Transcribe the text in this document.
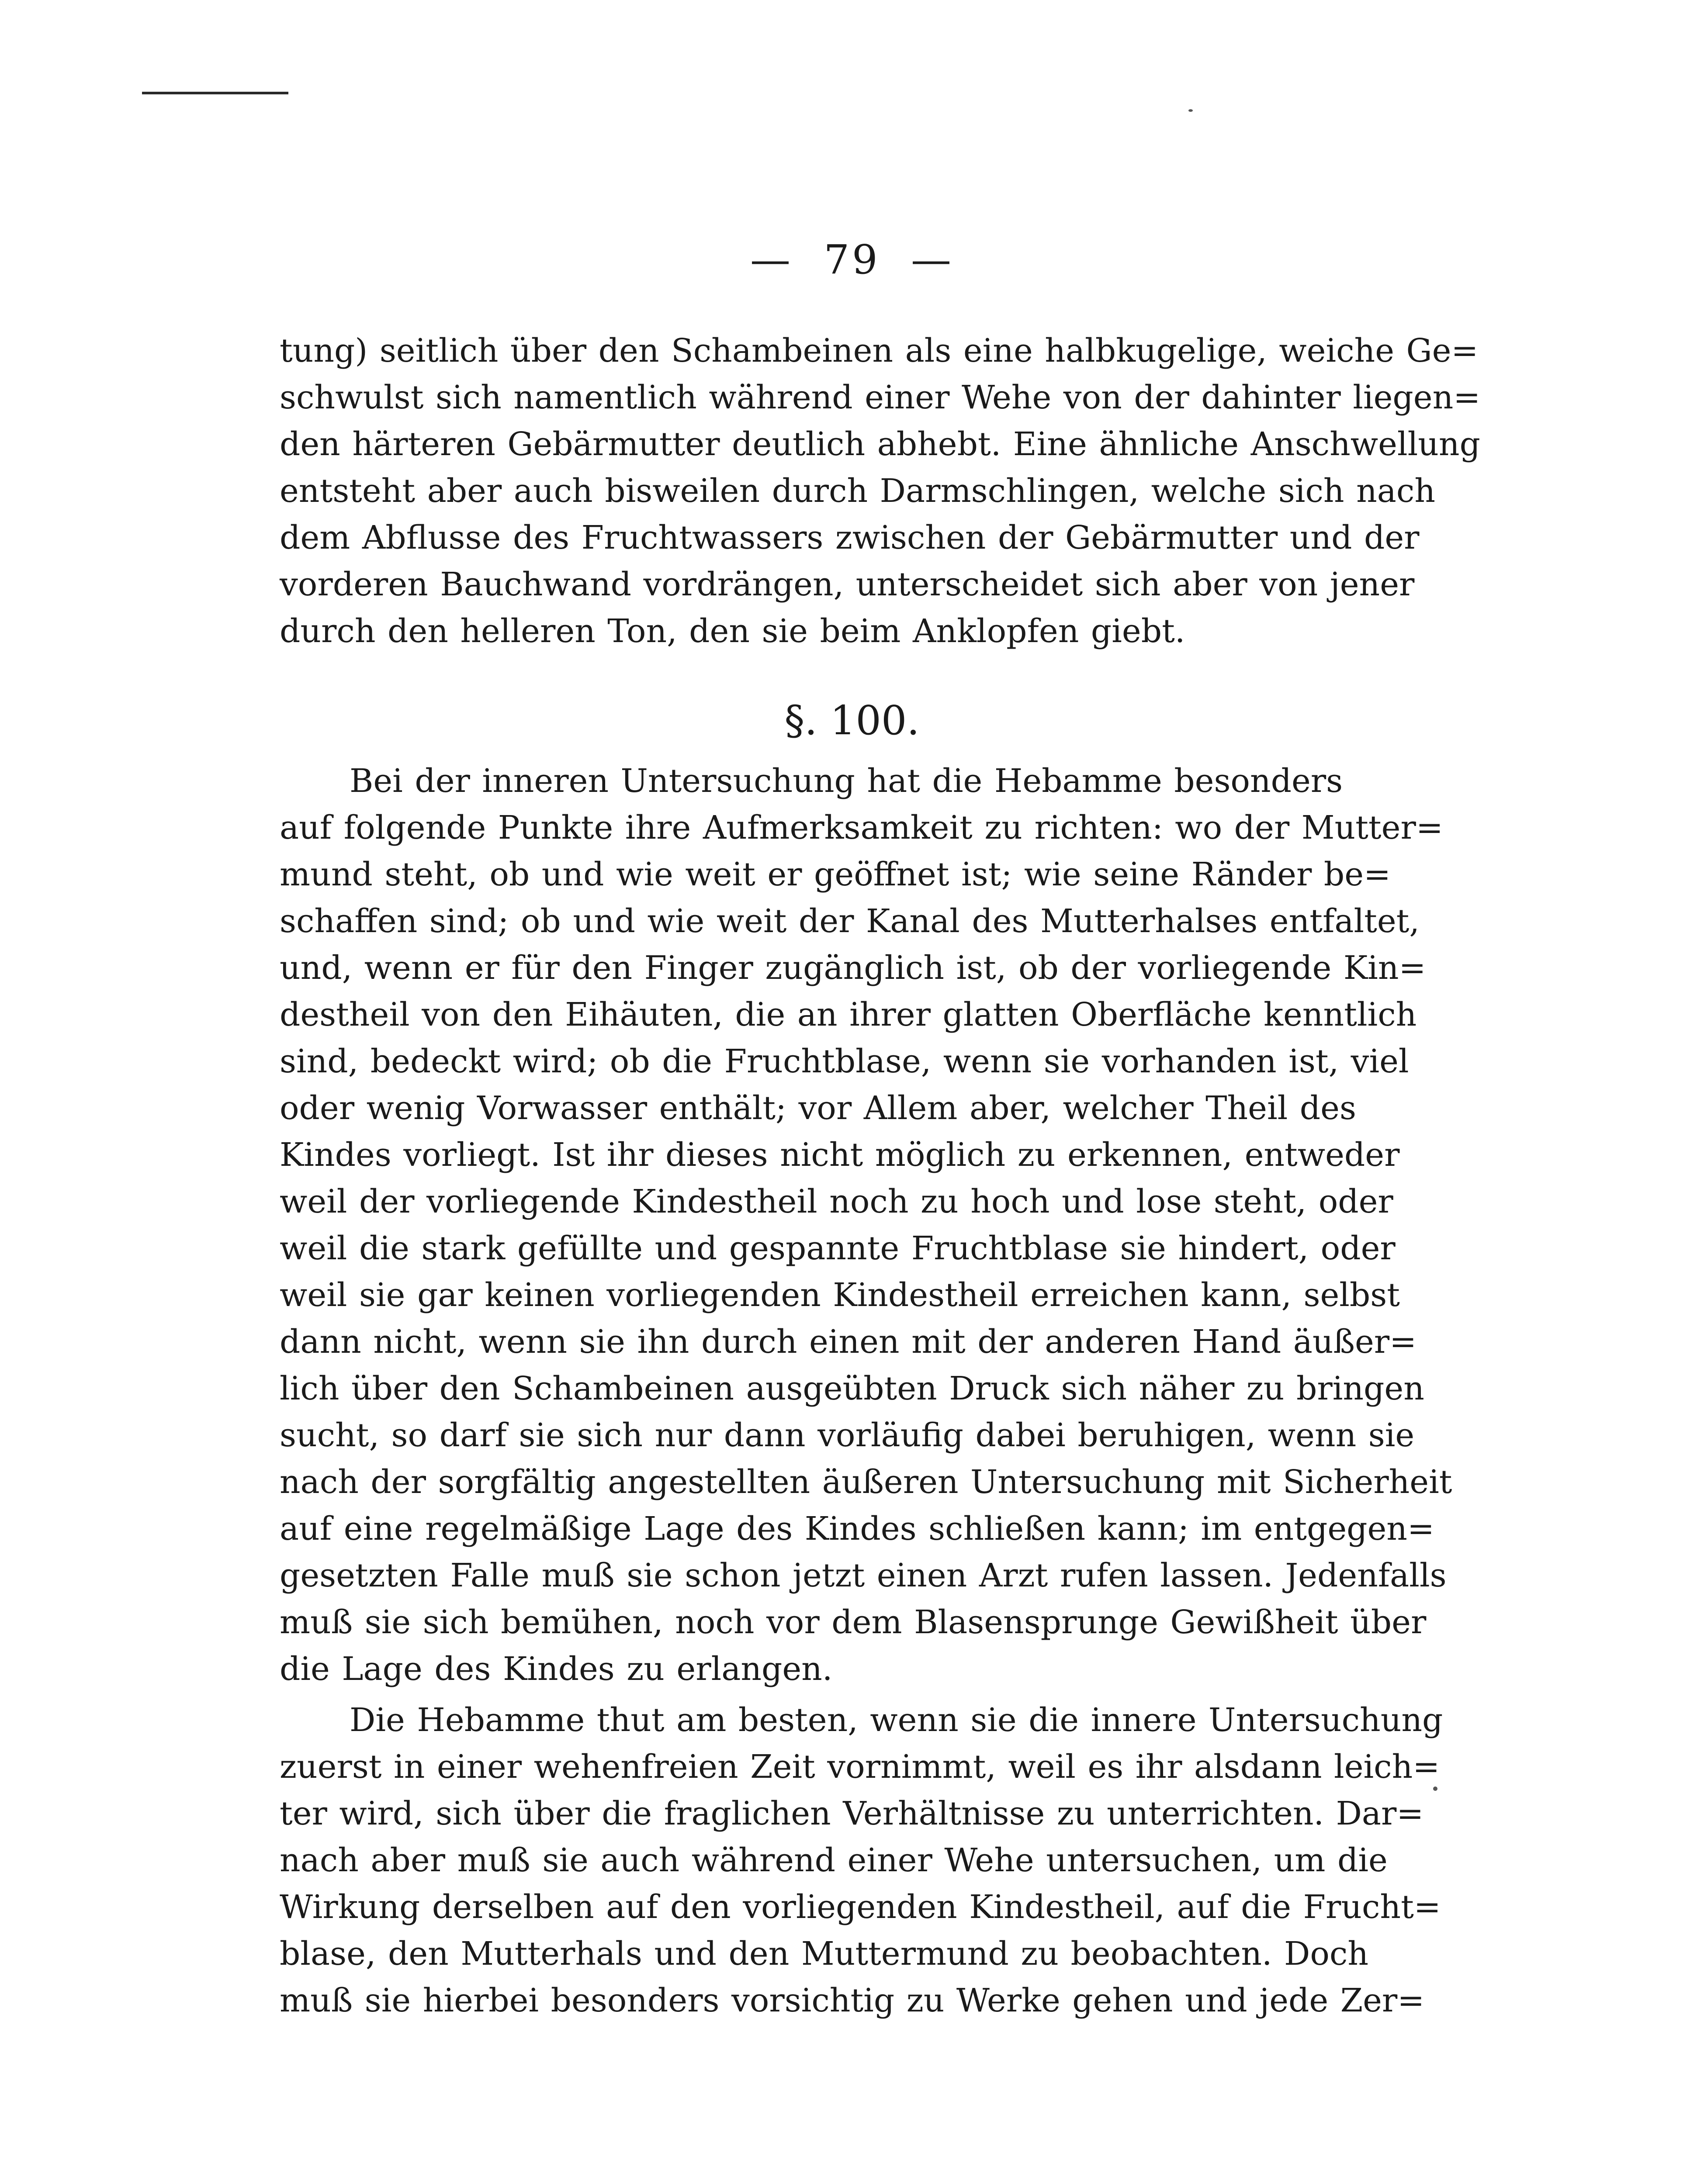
—  79  —
tung) seitlich über den Schambeinen als eine halbkugelige, weiche Ge=
schwulst sich namentlich während einer Wehe von der dahinter liegen=
den härteren Gebärmutter deutlich abhebt. Eine ähnliche Anschwellung
entsteht aber auch bisweilen durch Darmschlingen, welche sich nach
dem Abflusse des Fruchtwassers zwischen der Gebärmutter und der
vorderen Bauchwand vordrängen, unterscheidet sich aber von jener
durch den helleren Ton, den sie beim Anklopfen giebt.
§. 100.
Bei der inneren Untersuchung hat die Hebamme besonders
auf folgende Punkte ihre Aufmerksamkeit zu richten: wo der Mutter=
mund steht, ob und wie weit er geöffnet ist; wie seine Ränder be=
schaffen sind; ob und wie weit der Kanal des Mutterhalses entfaltet,
und, wenn er für den Finger zugänglich ist, ob der vorliegende Kin=
destheil von den Eihäuten, die an ihrer glatten Oberfläche kenntlich
sind, bedeckt wird; ob die Fruchtblase, wenn sie vorhanden ist, viel
oder wenig Vorwasser enthält; vor Allem aber, welcher Theil des
Kindes vorliegt. Ist ihr dieses nicht möglich zu erkennen, entweder
weil der vorliegende Kindestheil noch zu hoch und lose steht, oder
weil die stark gefüllte und gespannte Fruchtblase sie hindert, oder
weil sie gar keinen vorliegenden Kindestheil erreichen kann, selbst
dann nicht, wenn sie ihn durch einen mit der anderen Hand äußer=
lich über den Schambeinen ausgeübten Druck sich näher zu bringen
sucht, so darf sie sich nur dann vorläufig dabei beruhigen, wenn sie
nach der sorgfältig angestellten äußeren Untersuchung mit Sicherheit
auf eine regelmäßige Lage des Kindes schließen kann; im entgegen=
gesetzten Falle muß sie schon jetzt einen Arzt rufen lassen. Jedenfalls
muß sie sich bemühen, noch vor dem Blasensprunge Gewißheit über
die Lage des Kindes zu erlangen.
Die Hebamme thut am besten, wenn sie die innere Untersuchung
zuerst in einer wehenfreien Zeit vornimmt, weil es ihr alsdann leich=
ter wird, sich über die fraglichen Verhältnisse zu unterrichten. Dar=
nach aber muß sie auch während einer Wehe untersuchen, um die
Wirkung derselben auf den vorliegenden Kindestheil, auf die Frucht=
blase, den Mutterhals und den Muttermund zu beobachten. Doch
muß sie hierbei besonders vorsichtig zu Werke gehen und jede Zer=
